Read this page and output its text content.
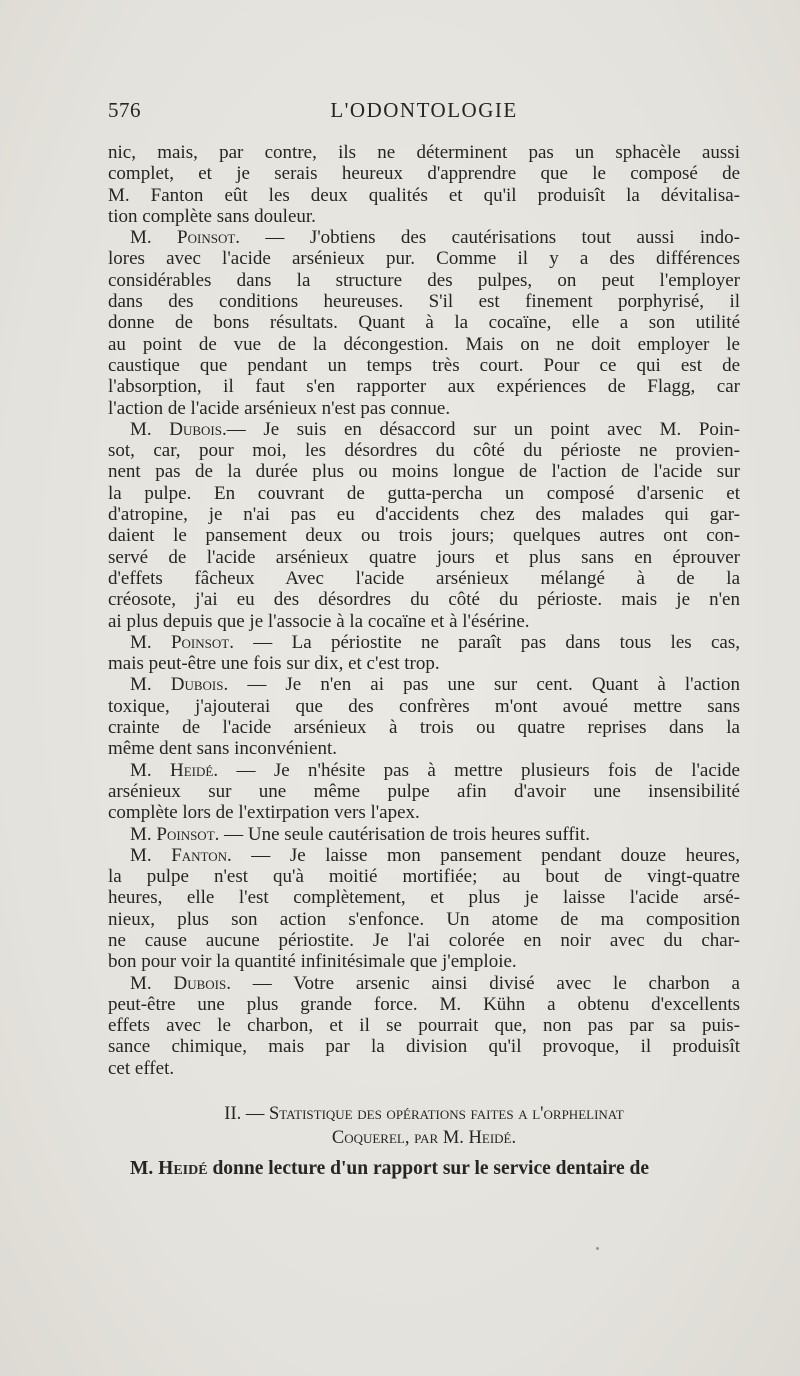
576	L'ODONTOLOGIE
nic, mais, par contre, ils ne déterminent pas un sphacèle aussi
complet, et je serais heureux d'apprendre que le composé de
M. Fanton eût les deux qualités et qu'il produisît la dévitalisa-
tion complète sans douleur.
M. Poinsot. — J'obtiens des cautérisations tout aussi indo-
lores avec l'acide arsénieux pur. Comme il y a des différences
considérables dans la structure des pulpes, on peut l'employer
dans des conditions heureuses. S'il est finement porphyrisé, il
donne de bons résultats. Quant à la cocaïne, elle a son utilité
au point de vue de la décongestion. Mais on ne doit employer le
caustique que pendant un temps très court. Pour ce qui est de
l'absorption, il faut s'en rapporter aux expériences de Flagg, car
l'action de l'acide arsénieux n'est pas connue.
M. Dubois.— Je suis en désaccord sur un point avec M. Poin-
sot, car, pour moi, les désordres du côté du périoste ne provien-
nent pas de la durée plus ou moins longue de l'action de l'acide sur
la pulpe. En couvrant de gutta-percha un composé d'arsenic et
d'atropine, je n'ai pas eu d'accidents chez des malades qui gar-
daient le pansement deux ou trois jours; quelques autres ont con-
servé de l'acide arsénieux quatre jours et plus sans en éprouver
d'effets fâcheux Avec l'acide arsénieux mélangé à de la
créosote, j'ai eu des désordres du côté du périoste. mais je n'en
ai plus depuis que je l'associe à la cocaïne et à l'ésérine.
M. Poinsot. — La périostite ne paraît pas dans tous les cas,
mais peut-être une fois sur dix, et c'est trop.
M. Dubois. — Je n'en ai pas une sur cent. Quant à l'action
toxique, j'ajouterai que des confrères m'ont avoué mettre sans
crainte de l'acide arsénieux à trois ou quatre reprises dans la
même dent sans inconvénient.
M. Heidé. — Je n'hésite pas à mettre plusieurs fois de l'acide
arsénieux sur une même pulpe afin d'avoir une insensibilité
complète lors de l'extirpation vers l'apex.
M. Poinsot. — Une seule cautérisation de trois heures suffit.
M. Fanton. — Je laisse mon pansement pendant douze heures,
la pulpe n'est qu'à moitié mortifiée; au bout de vingt-quatre
heures, elle l'est complètement, et plus je laisse l'acide arsé-
nieux, plus son action s'enfonce. Un atome de ma composition
ne cause aucune périostite. Je l'ai colorée en noir avec du char-
bon pour voir la quantité infinitésimale que j'emploie.
M. Dubois. — Votre arsenic ainsi divisé avec le charbon a
peut-être une plus grande force. M. Kühn a obtenu d'excellents
effets avec le charbon, et il se pourrait que, non pas par sa puis-
sance chimique, mais par la division qu'il provoque, il produisît
cet effet.
II. — Statistique des opérations faites a l'orphelinat
Coquerel, par M. Heidé.
M. Heidé donne lecture d'un rapport sur le service dentaire de
